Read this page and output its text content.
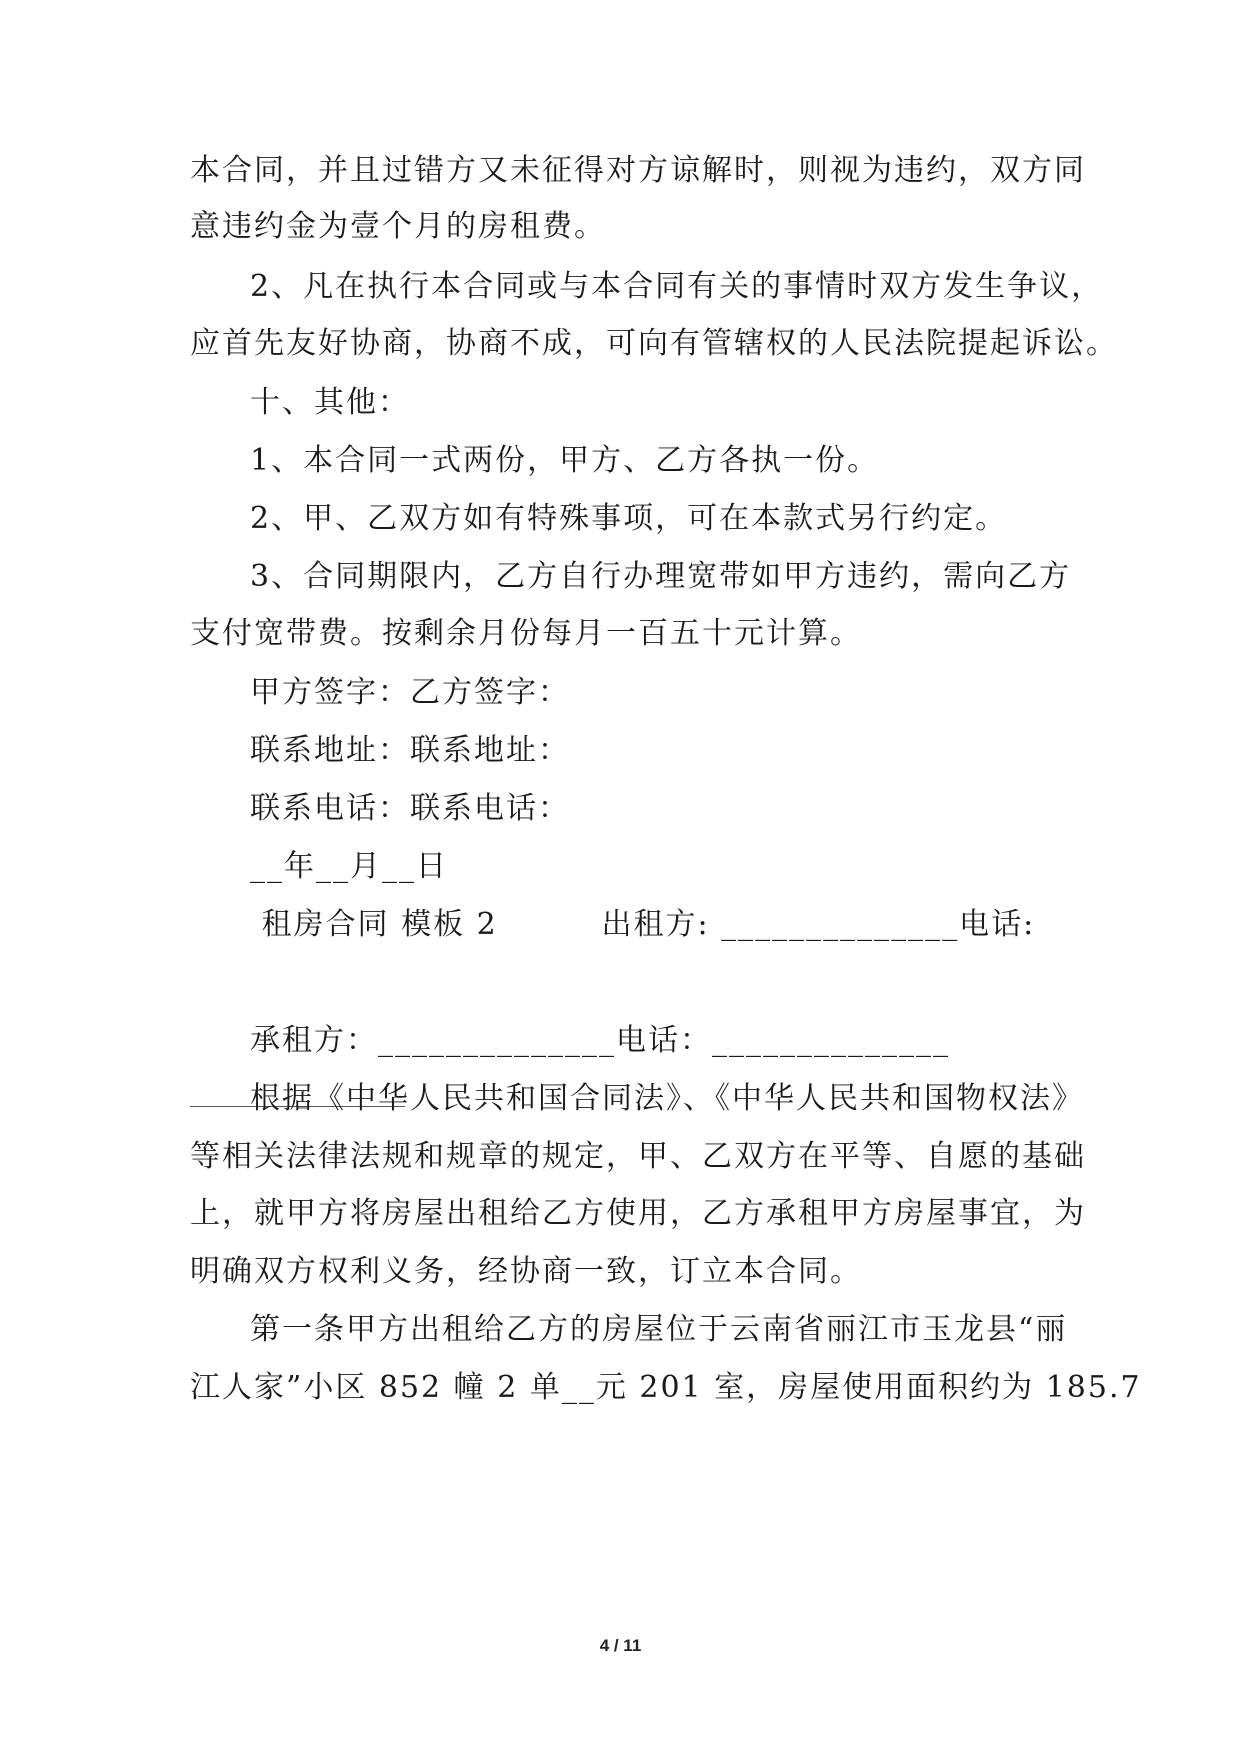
本合同，并且过错方又未征得对方谅解时，则视为违约，双方同
意违约金为壹个月的房租费。
2、凡在执行本合同或与本合同有关的事情时双方发生争议，
应首先友好协商，协商不成，可向有管辖权的人民法院提起诉讼。
十、其他：
1、本合同一式两份，甲方、乙方各执一份。
2、甲、乙双方如有特殊事项，可在本款式另行约定。
3、合同期限内，乙方自行办理宽带如甲方违约，需向乙方
支付宽带费。按剩余月份每月一百五十元计算。
甲方签字：乙方签字：
联系地址：联系地址：
联系电话：联系电话：
__年__月__日
租房合同 模板 2         出租方: ______________电话:
承租方：______________电话：______________
根据《中华人民共和国合同法》、《中华人民共和国物权法》
等相关法律法规和规章的规定，甲、乙双方在平等、自愿的基础
上，就甲方将房屋出租给乙方使用，乙方承租甲方房屋事宜，为
明确双方权利义务，经协商一致，订立本合同。
第一条甲方出租给乙方的房屋位于云南省丽江市玉龙县“丽
江人家”小区 852 幢 2 单__元 201 室，房屋使用面积约为 185.7
4 / 11
